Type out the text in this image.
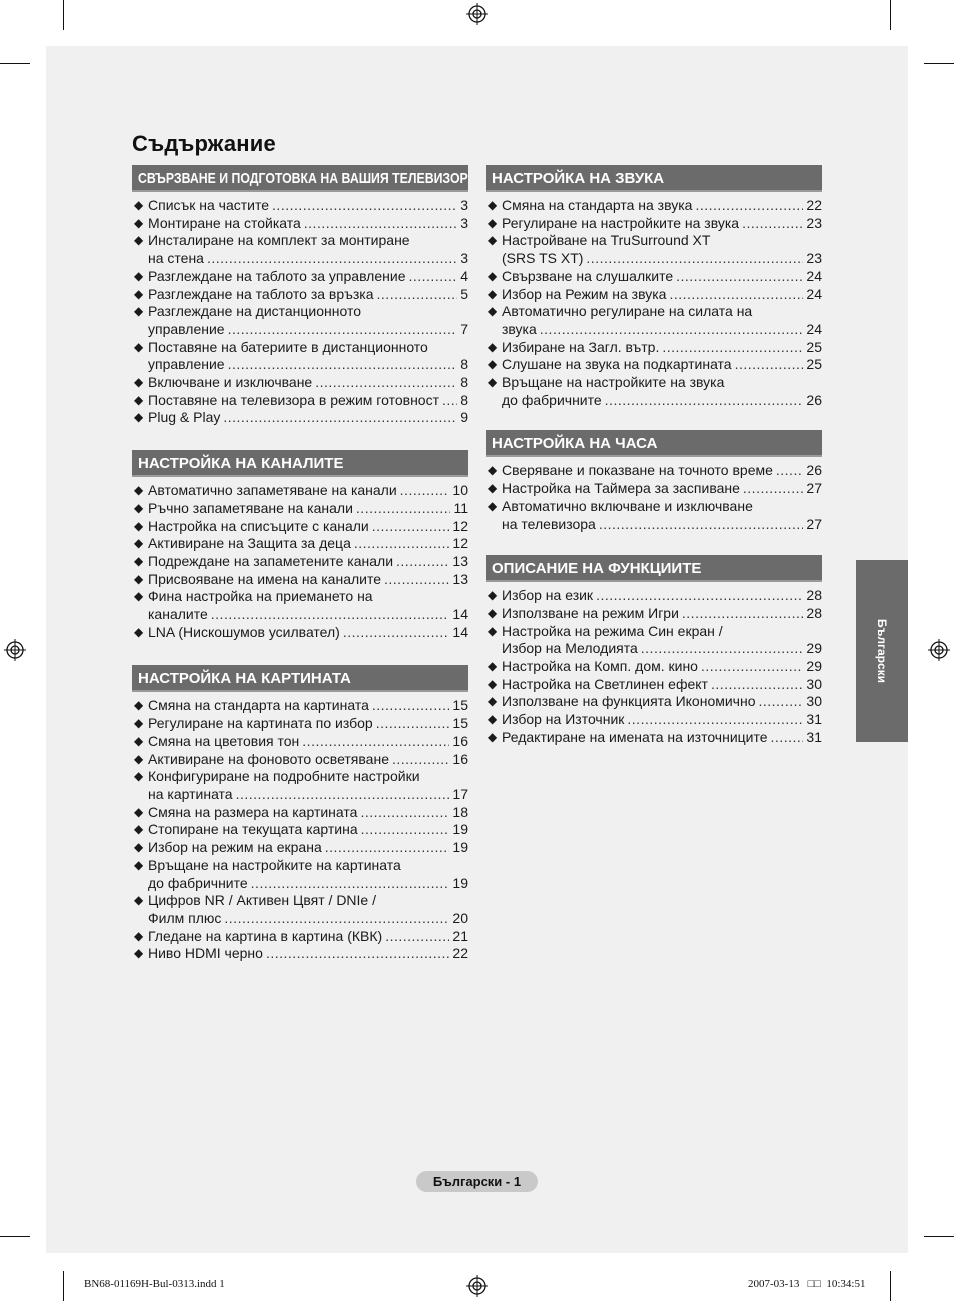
Съдържание
СВЪРЗВАНЕ И ПОДГОТОВКА НА ВАШИЯ ТЕЛЕВИЗОР
◆ Списък на частите .....	3
◆ Монтиране на стойката .....	3
◆ Инсталиране на комплект за монтиране
на стена .....	3
◆ Разглеждане на таблото за управление .....	4
◆ Разглеждане на таблото за връзка .....	5
◆ Разглеждане на дистанционното
управление .....	7
◆ Поставяне на батериите в дистанционното
управление .....	8
◆ Включване и изключване .....	8
◆ Поставяне на телевизора в режим готовност ..... 8
◆ Plug & Play .....	9
НАСТРОЙКА НА КАНАЛИТЕ
◆ Автоматично запаметяване на канали .....	10
◆ Ръчно запаметяване на канали .....	11
◆ Настройка на списъците с канали .....	12
◆ Активиране на Защита за деца .....	12
◆ Подреждане на запаметените канали .....	13
◆ Присвояване на имена на каналите .....	13
◆ Фина настройка на приемането на
каналите .....	14
◆ LNA (Нискошумов усилвател) .....	14
НАСТРОЙКА НА КАРТИНАТА
◆ Смяна на стандарта на картината .....	15
◆ Регулиране на картината по избор .....	15
◆ Смяна на цветовия тон .....	16
◆ Активиране на фоновото осветяване .....	16
◆ Конфигуриране на подробните настройки
на картината .....	17
◆ Смяна на размера на картината .....	18
◆ Стопиране на текущата картина .....	19
◆ Избор на режим на екрана .....	19
◆ Връщане на настройките на картината
до фабричните .....	19
◆ Цифров NR / Активен Цвят / DNIe /
Филм плюс .....	20
◆ Гледане на картина в картина (КВК) .....	21
◆ Ниво HDMI черно .....	22
НАСТРОЙКА НА ЗВУКА
◆ Смяна на стандарта на звука .....	22
◆ Регулиране на настройките на звука .....	23
◆ Настройване на TruSurround XT
(SRS TS XT) .....	23
◆ Свързване на слушалките .....	24
◆ Избор на Режим на звука .....	24
◆ Автоматично регулиране на силата на
звука .....	24
◆ Избиране на Загл. вътр. .....	25
◆ Слушане на звука на подкартината .....	25
◆ Връщане на настройките на звука
до фабричните .....	26
НАСТРОЙКА НА ЧАСА
◆ Сверяване и показване на точното време ..... 26
◆ Настройка на Таймера за заспиване .....	27
◆ Автоматично включване и изключване
на телевизора .....	27
ОПИСАНИЕ НА ФУНКЦИИТЕ
◆ Избор на език .....	28
◆ Използване на режим Игри .....	28
◆ Настройка на режима Син екран /
Избор на Мелодията .....	29
◆ Настройка на Комп. дом. кино .....	29
◆ Настройка на Светлинен ефект .....	30
◆ Използване на функцията Икономично .....	30
◆ Избор на Източник .....	31
◆ Редактиране на имената на източниците .....	31
Български
Български - 1
BN68-01169H-Bul-0313.indd 1	2007-03-13 □□ 10:34:51
